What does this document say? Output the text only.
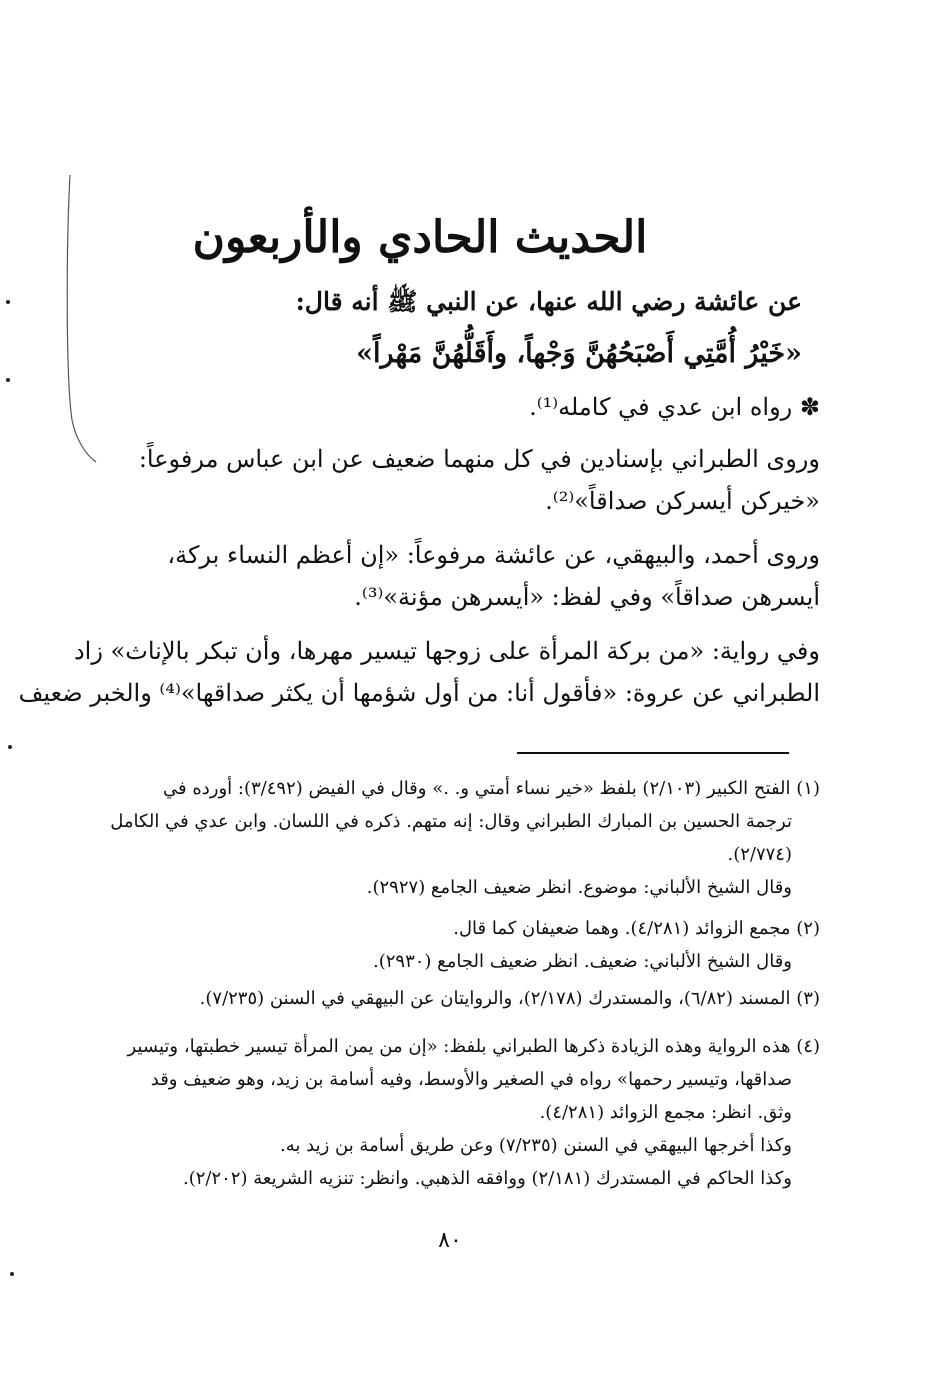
الحديث الحادي والأربعون
عن عائشة رضي الله عنها، عن النبي ﷺ أنه قال:
«خَيْرُ أُمَّتِي أَصْبَحُهُنَّ وَجْهاً، وأَقَلُّهُنَّ مَهْراً»
✽ رواه ابن عدي في كامله⁽¹⁾.
وروى الطبراني بإسنادين في كل منهما ضعيف عن ابن عباس مرفوعاً:
«خيركن أيسركن صداقاً»⁽²⁾.
وروى أحمد، والبيهقي، عن عائشة مرفوعاً: «إن أعظم النساء بركة،
أيسرهن صداقاً» وفي لفظ: «أيسرهن مؤنة»⁽³⁾.
وفي رواية: «من بركة المرأة على زوجها تيسير مهرها، وأن تبكر بالإناث» زاد
الطبراني عن عروة: «فأقول أنا: من أول شؤمها أن يكثر صداقها»⁽⁴⁾ والخبر ضعيف
(١) الفتح الكبير (٢/١٠٣) بلفظ «خير نساء أمتي و. .» وقال في الفيض (٣/٤٩٢): أورده في
ترجمة الحسين بن المبارك الطبراني وقال: إنه متهم. ذكره في اللسان. وابن عدي في الكامل
(٢/٧٧٤).
وقال الشيخ الألباني: موضوع. انظر ضعيف الجامع (٢٩٢٧).
(٢) مجمع الزوائد (٤/٢٨١). وهما ضعيفان كما قال.
وقال الشيخ الألباني: ضعيف. انظر ضعيف الجامع (٢٩٣٠).
(٣) المسند (٦/٨٢)، والمستدرك (٢/١٧٨)، والروايتان عن البيهقي في السنن (٧/٢٣٥).
(٤) هذه الرواية وهذه الزيادة ذكرها الطبراني بلفظ: «إن من يمن المرأة تيسير خطبتها، وتيسير
صداقها، وتيسير رحمها» رواه في الصغير والأوسط، وفيه أسامة بن زيد، وهو ضعيف وقد
وثق. انظر: مجمع الزوائد (٤/٢٨١).
وكذا أخرجها البيهقي في السنن (٧/٢٣٥) وعن طريق أسامة بن زيد به.
وكذا الحاكم في المستدرك (٢/١٨١) ووافقه الذهبي. وانظر: تنزيه الشريعة (٢/٢٠٢).
٨٠
